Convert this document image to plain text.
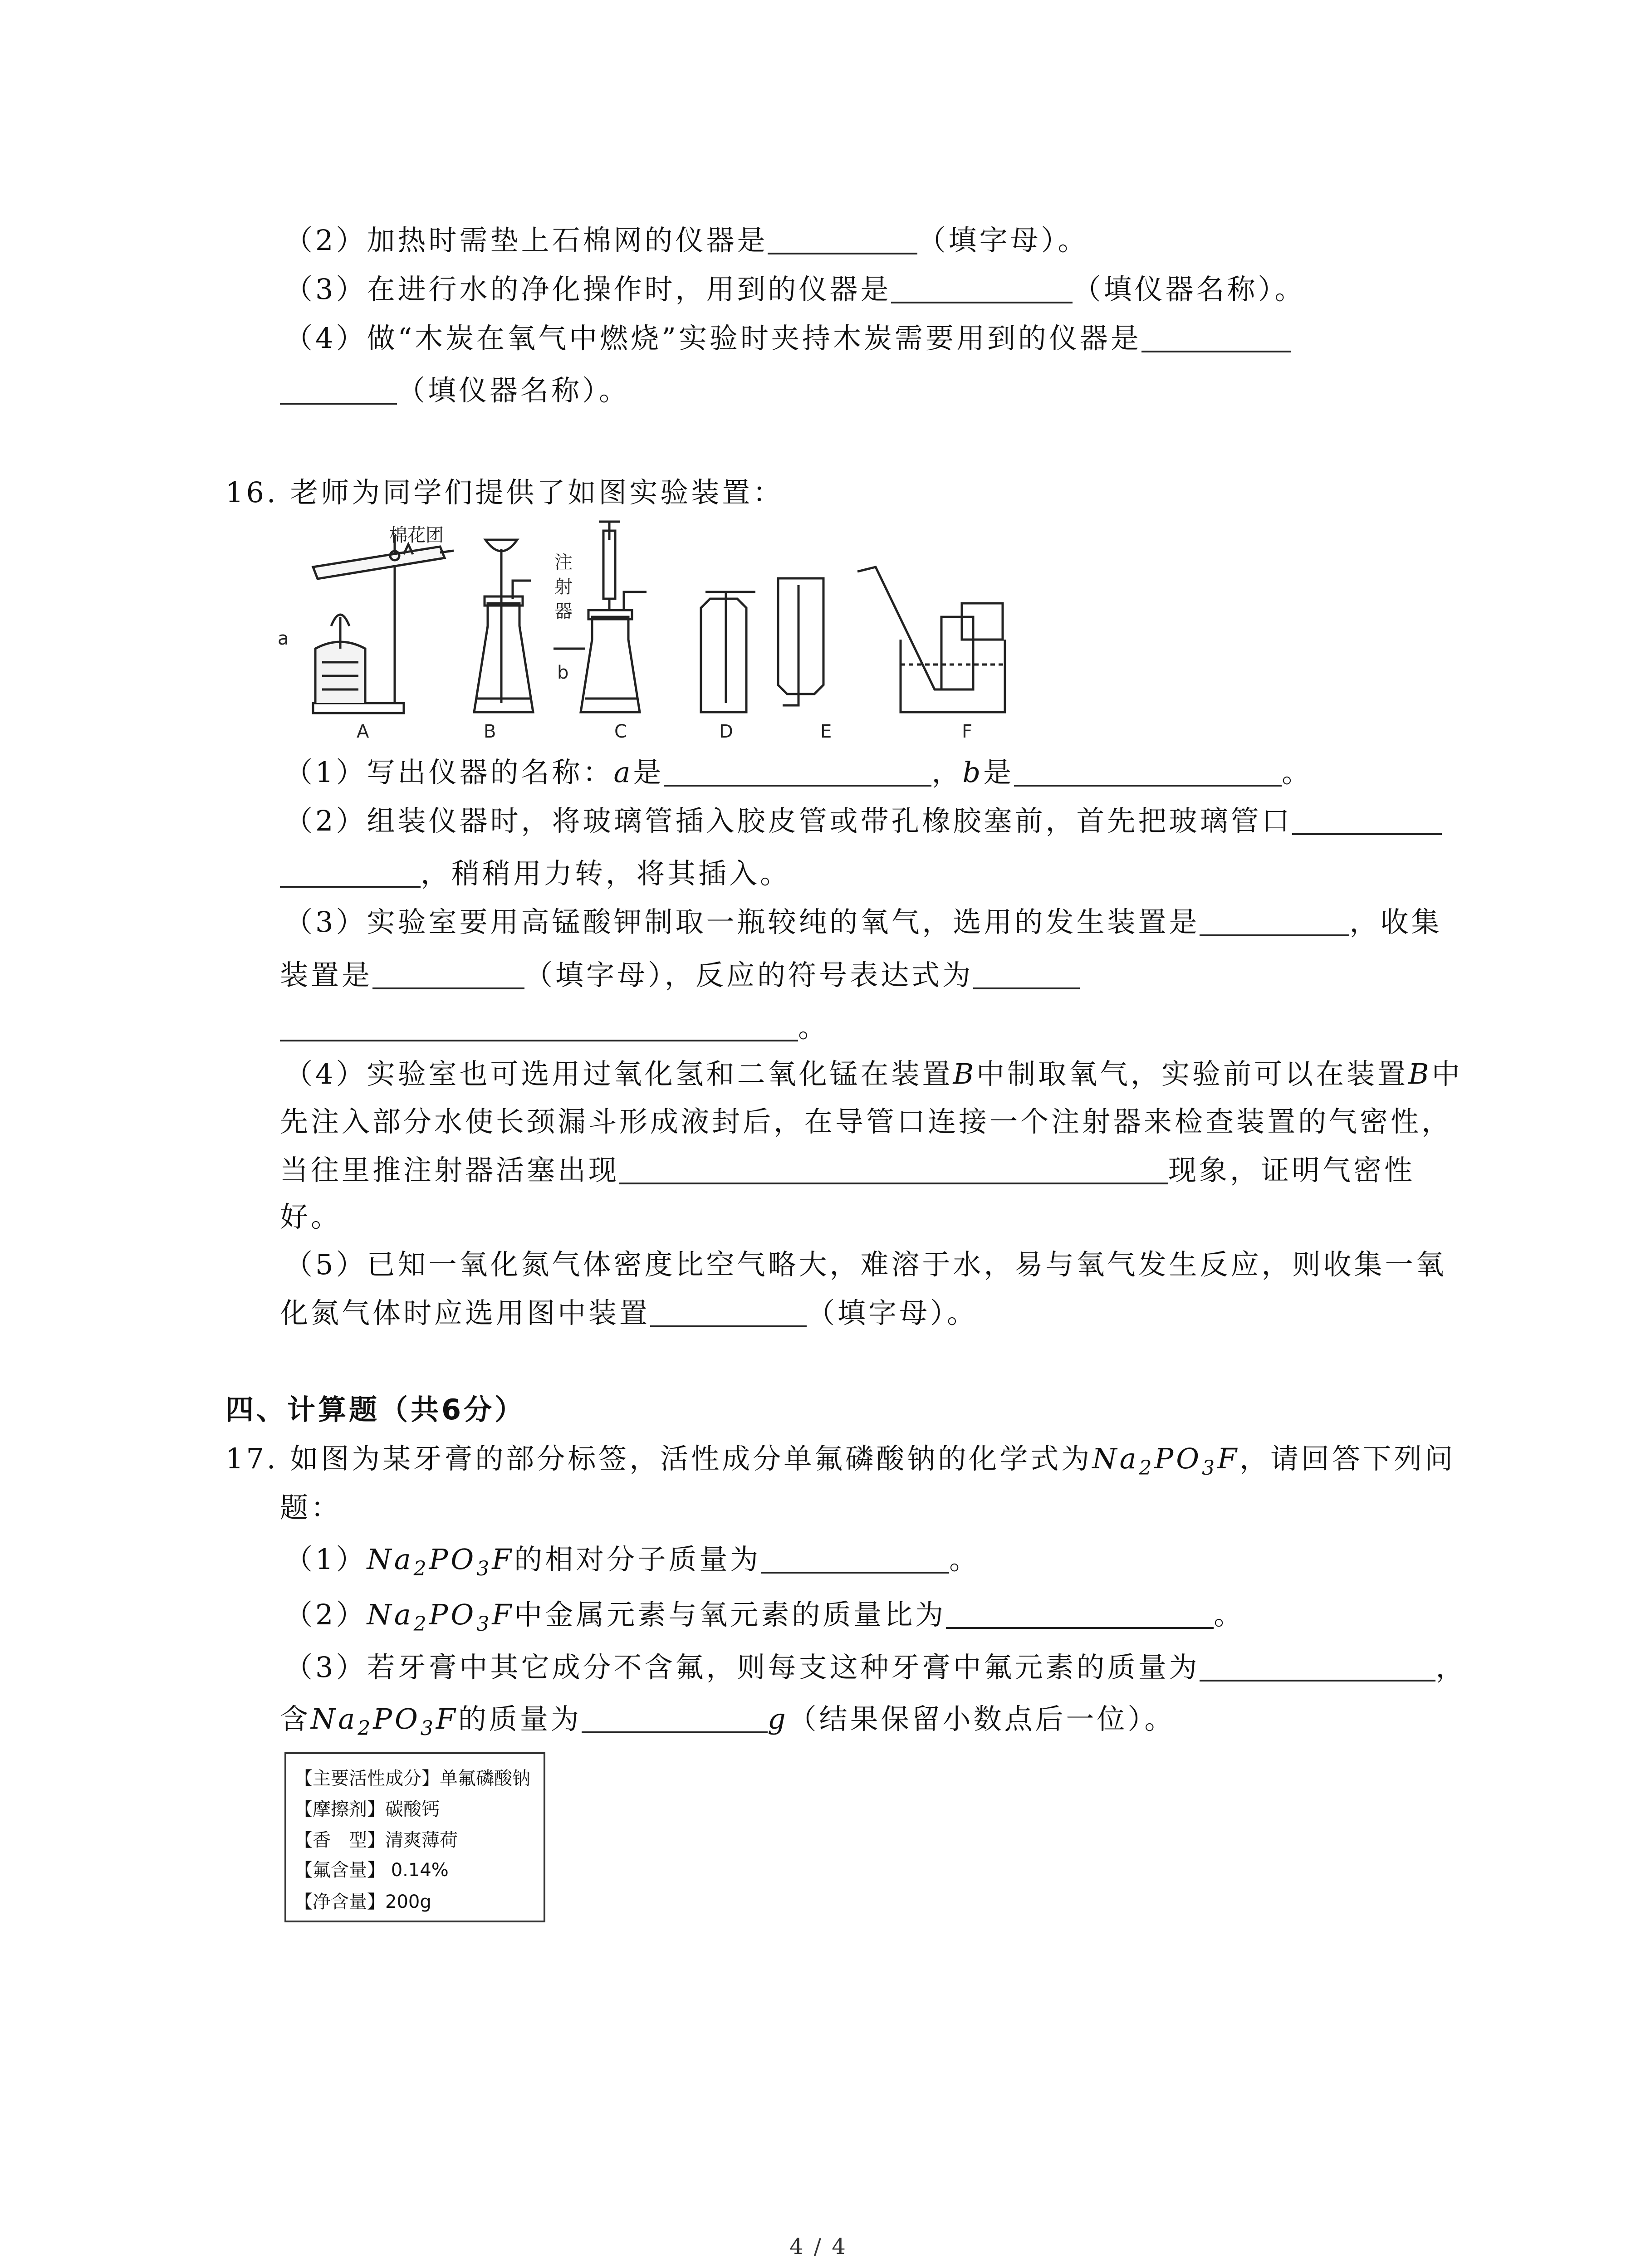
（2）加热时需垫上石棉网的仪器是	（填字母）。
（3）在进行水的净化操作时，用到的仪器是	（填仪器名称）。
（4）做“木炭在氧气中燃烧”实验时夹持木炭需要用到的仪器是
（填仪器名称）。
16. 老师为同学们提供了如图实验装置：
棉花团
a
注
射
器
b
A	B	C	D	E	F
（1）写出仪器的名称：a是	，b是	。
（2）组装仪器时，将玻璃管插入胶皮管或带孔橡胶塞前，首先把玻璃管口
，稍稍用力转，将其插入。
（3）实验室要用高锰酸钾制取一瓶较纯的氧气，选用的发生装置是	，收集
装置是	（填字母），反应的符号表达式为
。
（4）实验室也可选用过氧化氢和二氧化锰在装置B中制取氧气，实验前可以在装置B中
先注入部分水使长颈漏斗形成液封后，在导管口连接一个注射器来检查装置的气密性，
当往里推注射器活塞出现	现象，证明气密性
好。
（5）已知一氧化氮气体密度比空气略大，难溶于水，易与氧气发生反应，则收集一氧
化氮气体时应选用图中装置	（填字母）。
四、计算题（共6分）
17. 如图为某牙膏的部分标签，活性成分单氟磷酸钠的化学式为$Na_2PO_3F$，请回答下列问
题：
$(1)Na_2PO_3F$的相对分子质量为	。
$(2)Na_2PO_3F$中金属元素与氧元素的质量比为	。
（3）若牙膏中其它成分不含氟，则每支这种牙膏中氟元素的质量为	，
含$Na_2PO_3F$的质量为	g（结果保留小数点后一位）。
【主要活性成分】单氟磷酸钠
【摩擦剂】碳酸钙
【香　型】清爽薄荷
【氟含量】 0.14%
【净含量】200g
4 / 4
